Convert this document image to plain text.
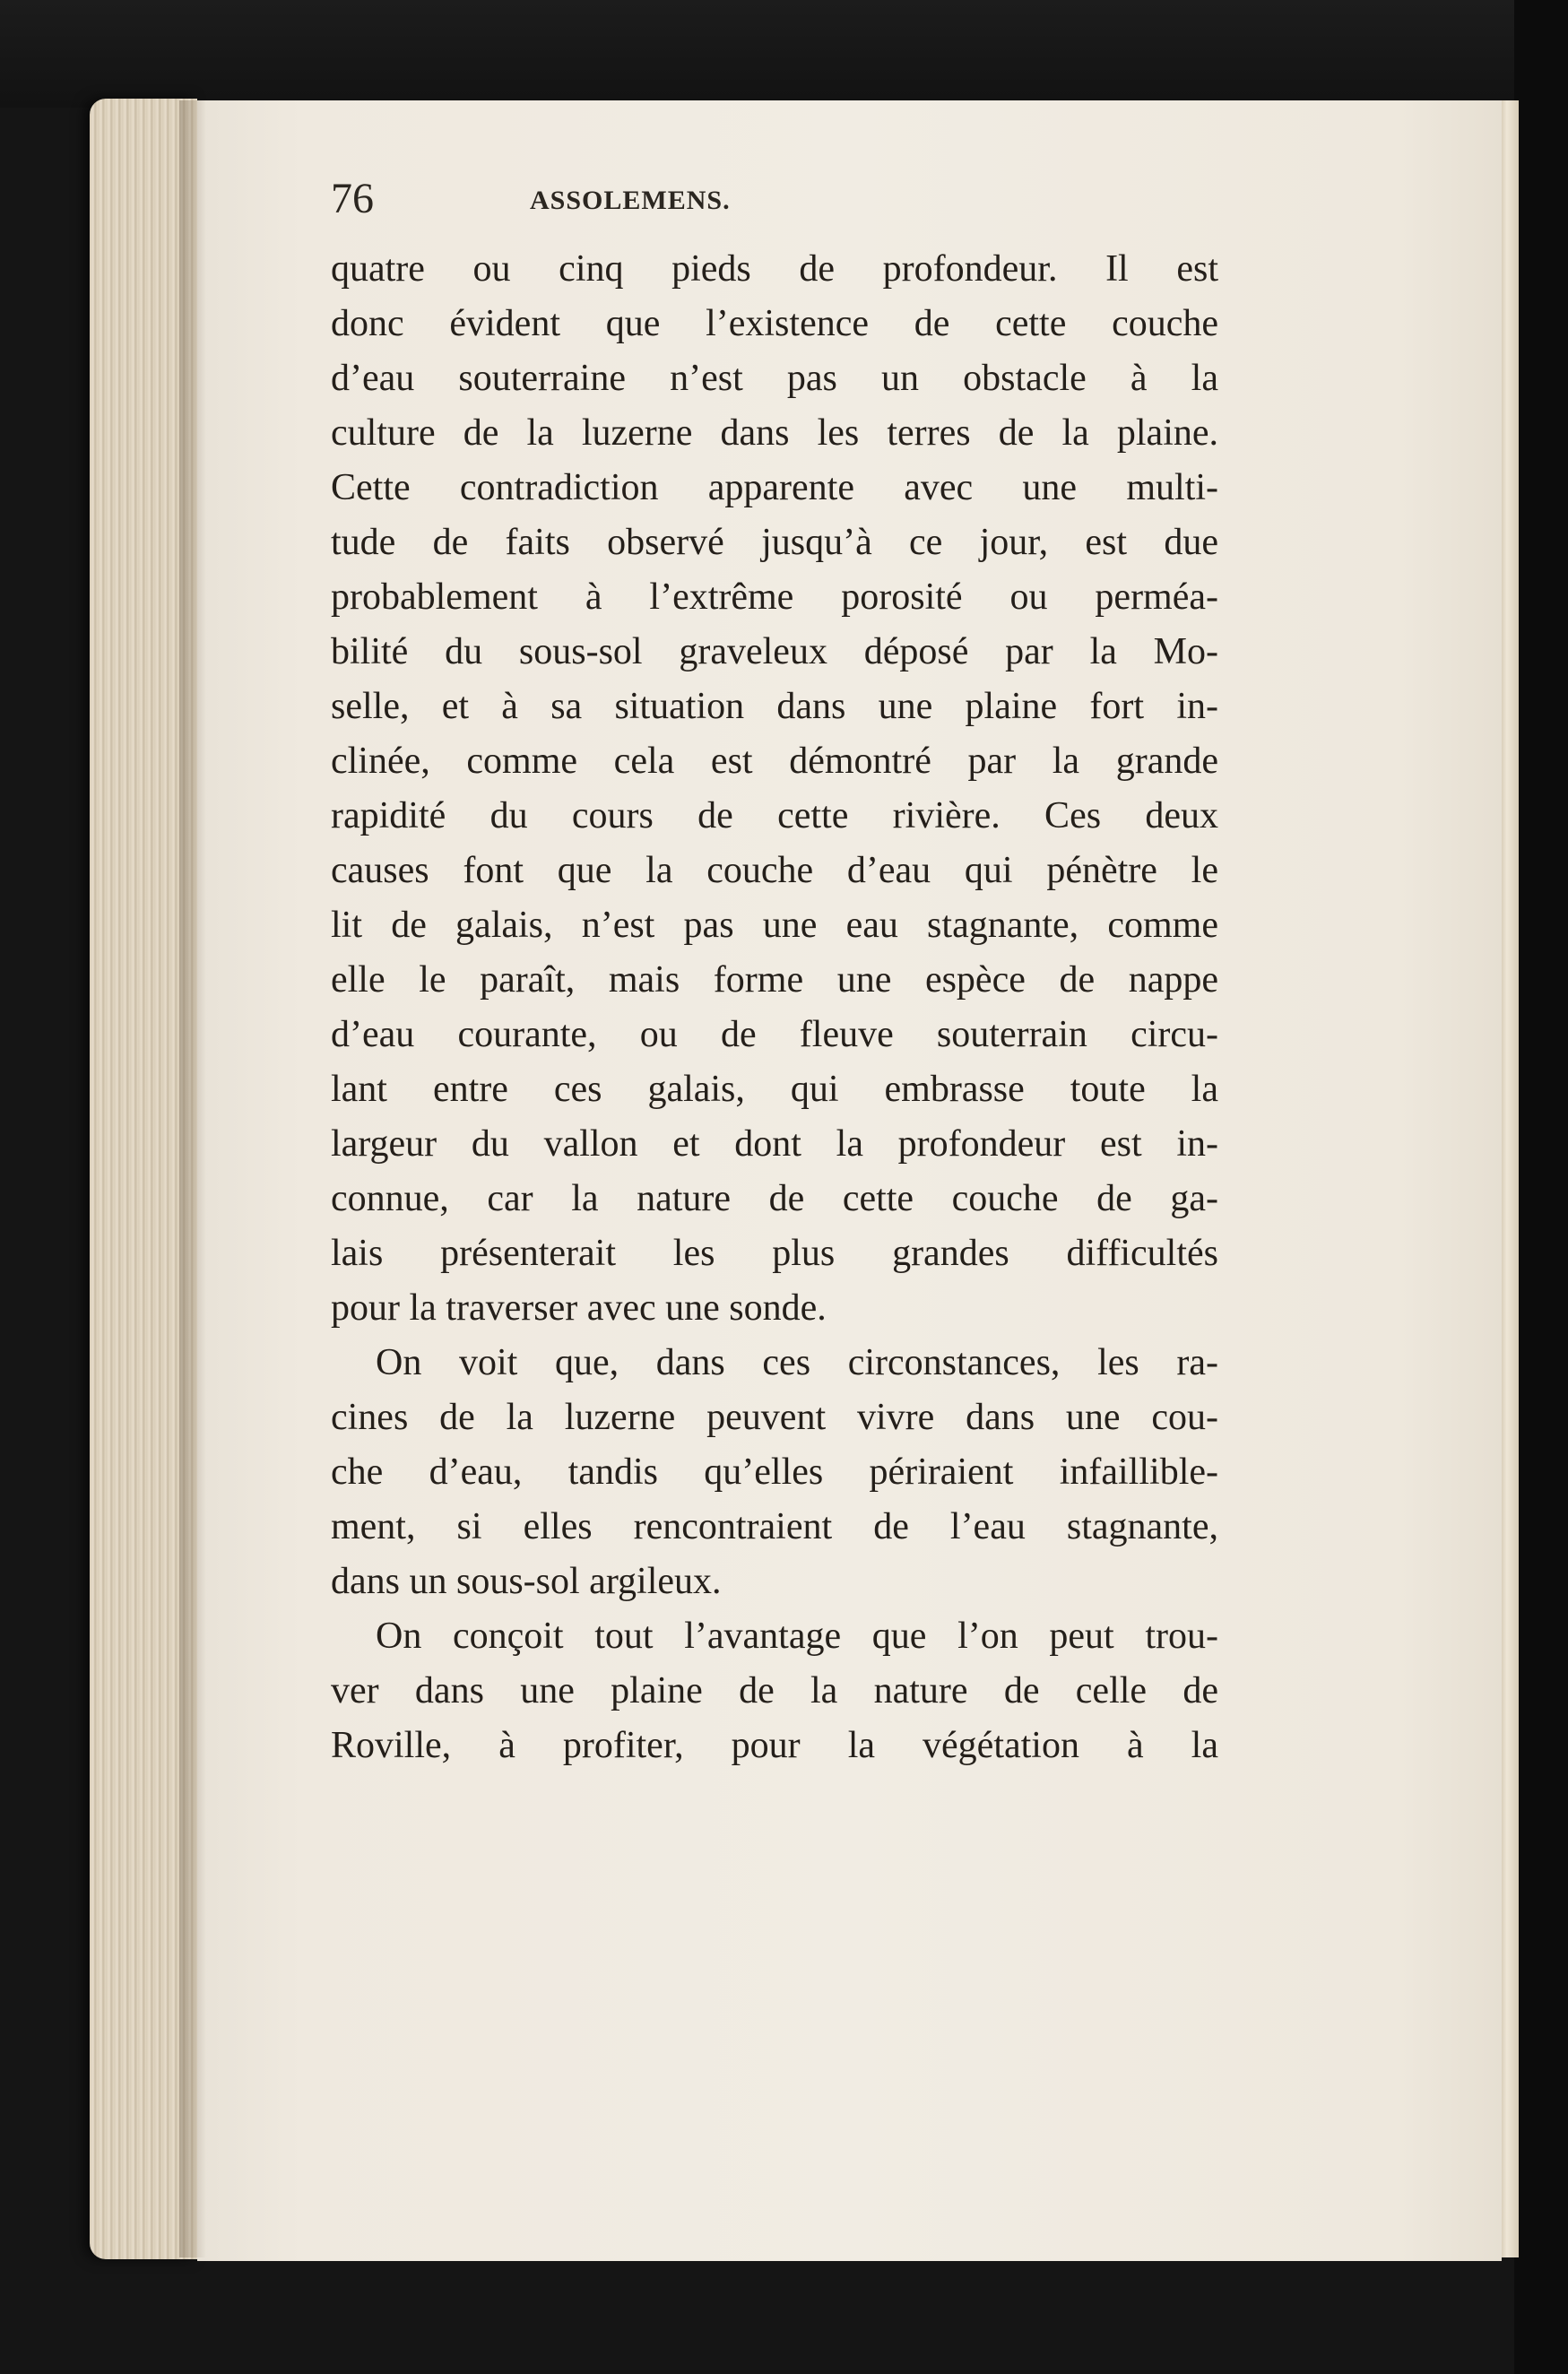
76	ASSOLEMENS.
quatre ou cinq pieds de profondeur. Il est
donc évident que l’existence de cette couche
d’eau souterraine n’est pas un obstacle à la
culture de la luzerne dans les terres de la plaine.
Cette contradiction apparente avec une multi-
tude de faits observé jusqu’à ce jour, est due
probablement à l’extrême porosité ou perméa-
bilité du sous-sol graveleux déposé par la Mo-
selle, et à sa situation dans une plaine fort in-
clinée, comme cela est démontré par la grande
rapidité du cours de cette rivière. Ces deux
causes font que la couche d’eau qui pénètre le
lit de galais, n’est pas une eau stagnante, comme
elle le paraît, mais forme une espèce de nappe
d’eau courante, ou de fleuve souterrain circu-
lant entre ces galais, qui embrasse toute la
largeur du vallon et dont la profondeur est in-
connue, car la nature de cette couche de ga-
lais présenterait les plus grandes difficultés
pour la traverser avec une sonde.
On voit que, dans ces circonstances, les ra-
cines de la luzerne peuvent vivre dans une cou-
che d’eau, tandis qu’elles périraient infaillible-
ment, si elles rencontraient de l’eau stagnante,
dans un sous-sol argileux.
On conçoit tout l’avantage que l’on peut trou-
ver dans une plaine de la nature de celle de
Roville, à profiter, pour la végétation à la
